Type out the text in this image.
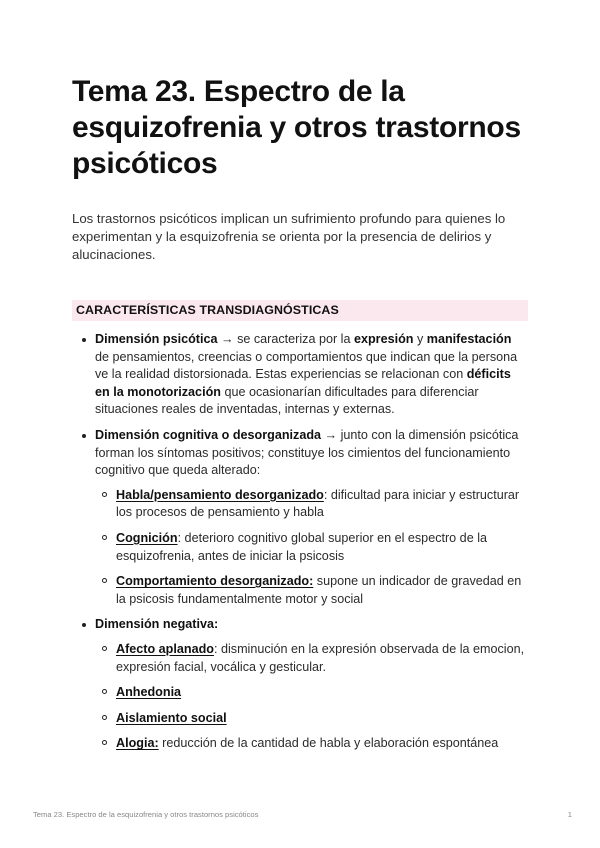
Tema 23. Espectro de la esquizofrenia y otros trastornos psicóticos

Los trastornos psicóticos implican un sufrimiento profundo para quienes lo experimentan y la esquizofrenia se orienta por la presencia de delirios y alucinaciones.

CARACTERÍSTICAS TRANSDIAGNÓSTICAS
Dimensión psicótica → se caracteriza por la expresión y manifestación de pensamientos, creencias o comportamientos que indican que la persona ve la realidad distorsionada. Estas experiencias se relacionan con déficits en la monotorización que ocasionarían dificultades para diferenciar situaciones reales de inventadas, internas y externas.
Dimensión cognitiva o desorganizada → junto con la dimensión psicótica forman los síntomas positivos; constituye los cimientos del funcionamiento cognitivo que queda alterado:
Habla/pensamiento desorganizado: dificultad para iniciar y estructurar los procesos de pensamiento y habla
Cognición: deterioro cognitivo global superior en el espectro de la esquizofrenia, antes de iniciar la psicosis
Comportamiento desorganizado: supone un indicador de gravedad en la psicosis fundamentalmente motor y social
Dimensión negativa:
Afecto aplanado: disminución en la expresión observada de la emocion, expresión facial, vocálica y gesticular.
Anhedonia
Aislamiento social
Alogia: reducción de la cantidad de habla y elaboración espontánea
Tema 23. Espectro de la esquizofrenia y otros trastornos psicóticos	1
